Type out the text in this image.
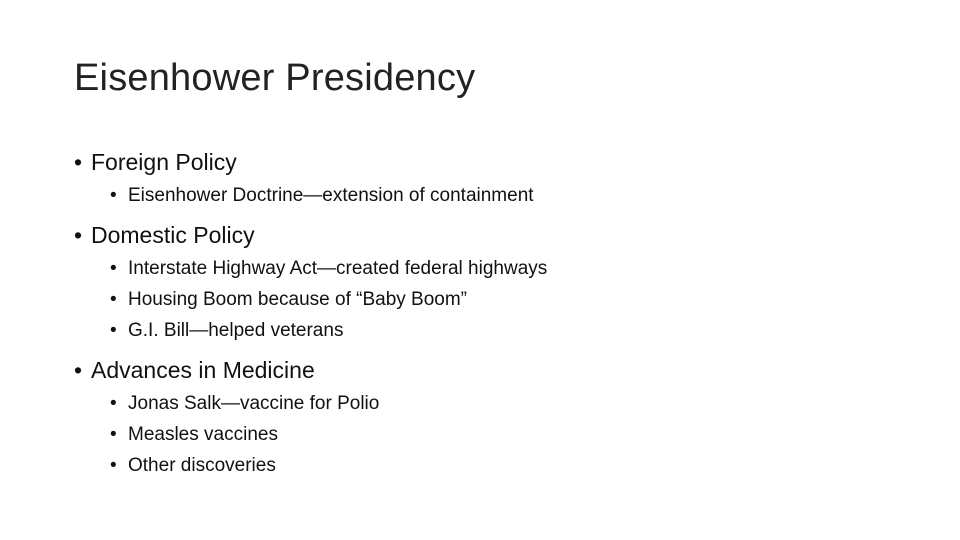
Eisenhower Presidency
• Foreign Policy
• Eisenhower Doctrine—extension of containment
• Domestic Policy
• Interstate Highway Act—created federal highways
• Housing Boom because of “Baby Boom”
• G.I. Bill—helped veterans
• Advances in Medicine
• Jonas Salk—vaccine for Polio
• Measles vaccines
• Other discoveries
